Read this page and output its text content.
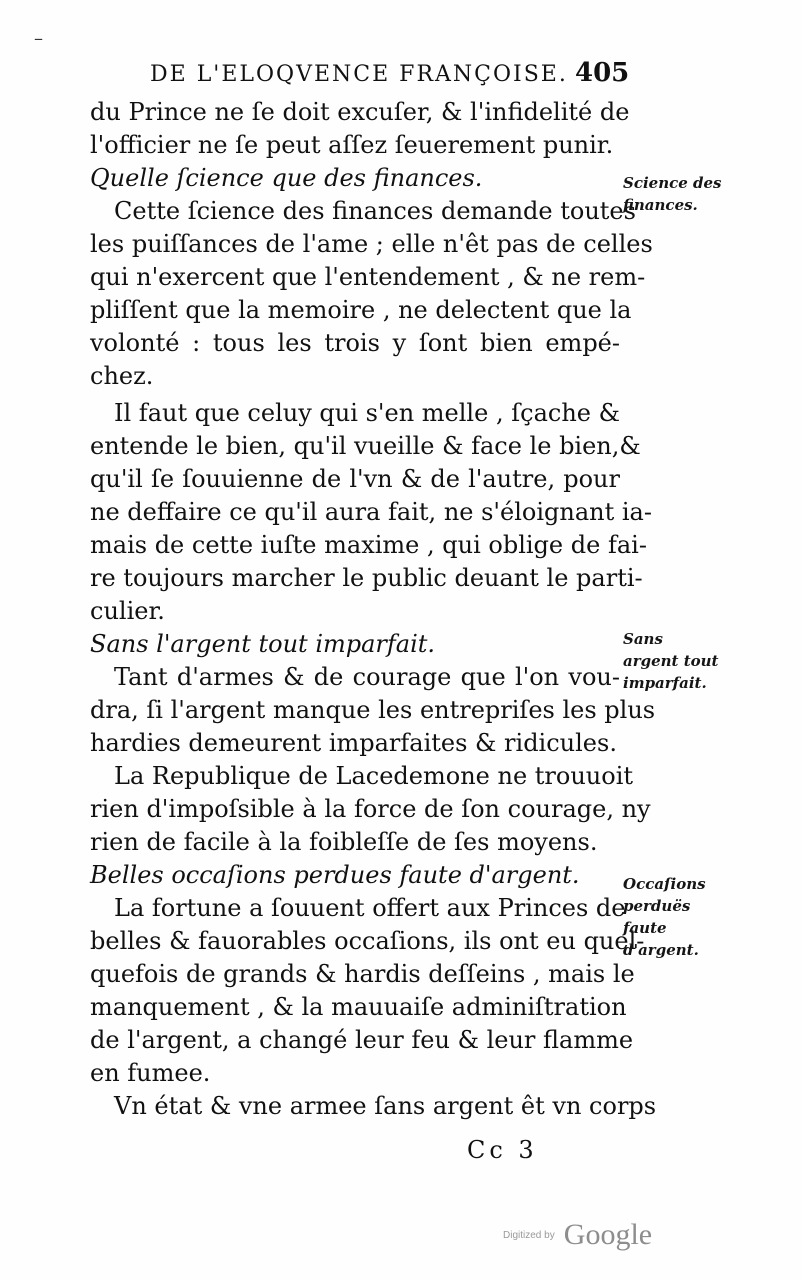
–
DE L'ELOQVENCE FRANÇOISE. 405
du Prince ne ſe doit excuſer, & l'infidelité de
l'officier ne ſe peut aſſez ſeuerement punir.
Quelle ſcience que des finances.
Cette ſcience des finances demande toutes
les puiſſances de l'ame ; elle n'êt pas de celles
qui n'exercent que l'entendement , & ne rem-
pliſſent que la memoire , ne delectent que la
volonté : tous les trois y ſont bien empé-
chez.
Il faut que celuy qui s'en melle , ſçache &
entende le bien, qu'il vueille & face le bien,&
qu'il ſe ſouuienne de l'vn & de l'autre, pour
ne deffaire ce qu'il aura fait, ne s'éloignant ia-
mais de cette iuſte maxime , qui oblige de fai-
re toujours marcher le public deuant le parti-
culier.
Sans l'argent tout imparfait.
Tant d'armes & de courage que l'on vou-
dra, ſi l'argent manque les entrepriſes les plus
hardies demeurent imparfaites & ridicules.
La Republique de Lacedemone ne trouuoit
rien d'impoſsible à la force de ſon courage, ny
rien de facile à la foibleſſe de ſes moyens.
Belles occaſions perdues faute d'argent.
La fortune a ſouuent offert aux Princes de
belles & fauorables occaſions, ils ont eu quel-
quefois de grands & hardis deſſeins , mais le
manquement , & la mauuaiſe adminiſtration
de l'argent, a changé leur feu & leur flamme
en fumee.
Vn état & vne armee ſans argent êt vn corps
Science des finances.
Sans argent tout imparfait.
Occaſions perduës faute d'argent.
Cc 3
Digitized by Google
